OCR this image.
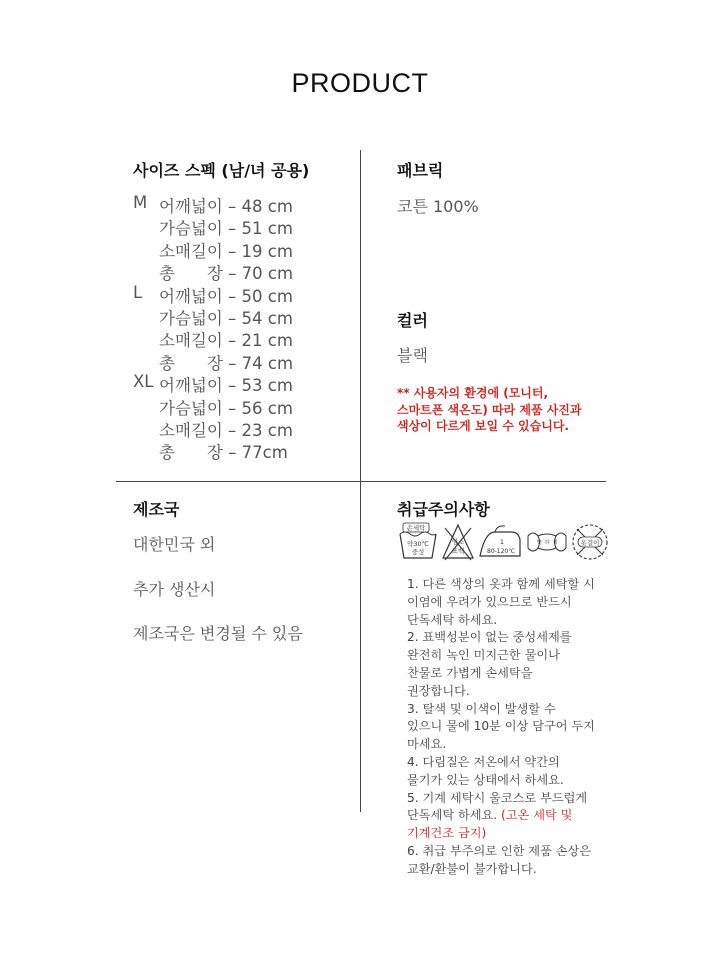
PRODUCT
사이즈 스펙 (남/녀 공용)
M 어깨넓이 – 48 cm
가슴넓이 – 51 cm
소매길이 – 19 cm
총 장 – 70 cm
L 어깨넓이 – 50 cm
가슴넓이 – 54 cm
소매길이 – 21 cm
총 장 – 74 cm
XL 어깨넓이 – 53 cm
가슴넓이 – 56 cm
소매길이 – 23 cm
총 장 – 77cm
패브릭
코튼 100%
컬러
블랙
** 사용자의 환경에 (모니터,
스마트폰 색온도) 따라 제품 사진과
색상이 다르게 보일 수 있습니다.
제조국
대한민국 외
추가 생산시
제조국은 변경될 수 있음
취급주의사항
손세탁
약30℃
중성
염소
표백
1
80-120℃
약 하 게	옷걸이
1. 다른 색상의 옷과 함께 세탁할 시
이염에 우려가 있으므로 반드시
단독세탁 하세요.
2. 표백성분이 없는 중성세제를
완전히 녹인 미지근한 물이나
찬물로 가볍게 손세탁을
권장합니다.
3. 탈색 및 이색이 발생할 수
있으니 물에 10분 이상 담구어 두지
마세요.
4. 다림질은 저온에서 약간의
물기가 있는 상태에서 하세요.
5. 기계 세탁시 울코스로 부드럽게
단독세탁 하세요. (고온 세탁 및
기계건조 금지)
6. 취급 부주의로 인한 제품 손상은
교환/환불이 불가합니다.
